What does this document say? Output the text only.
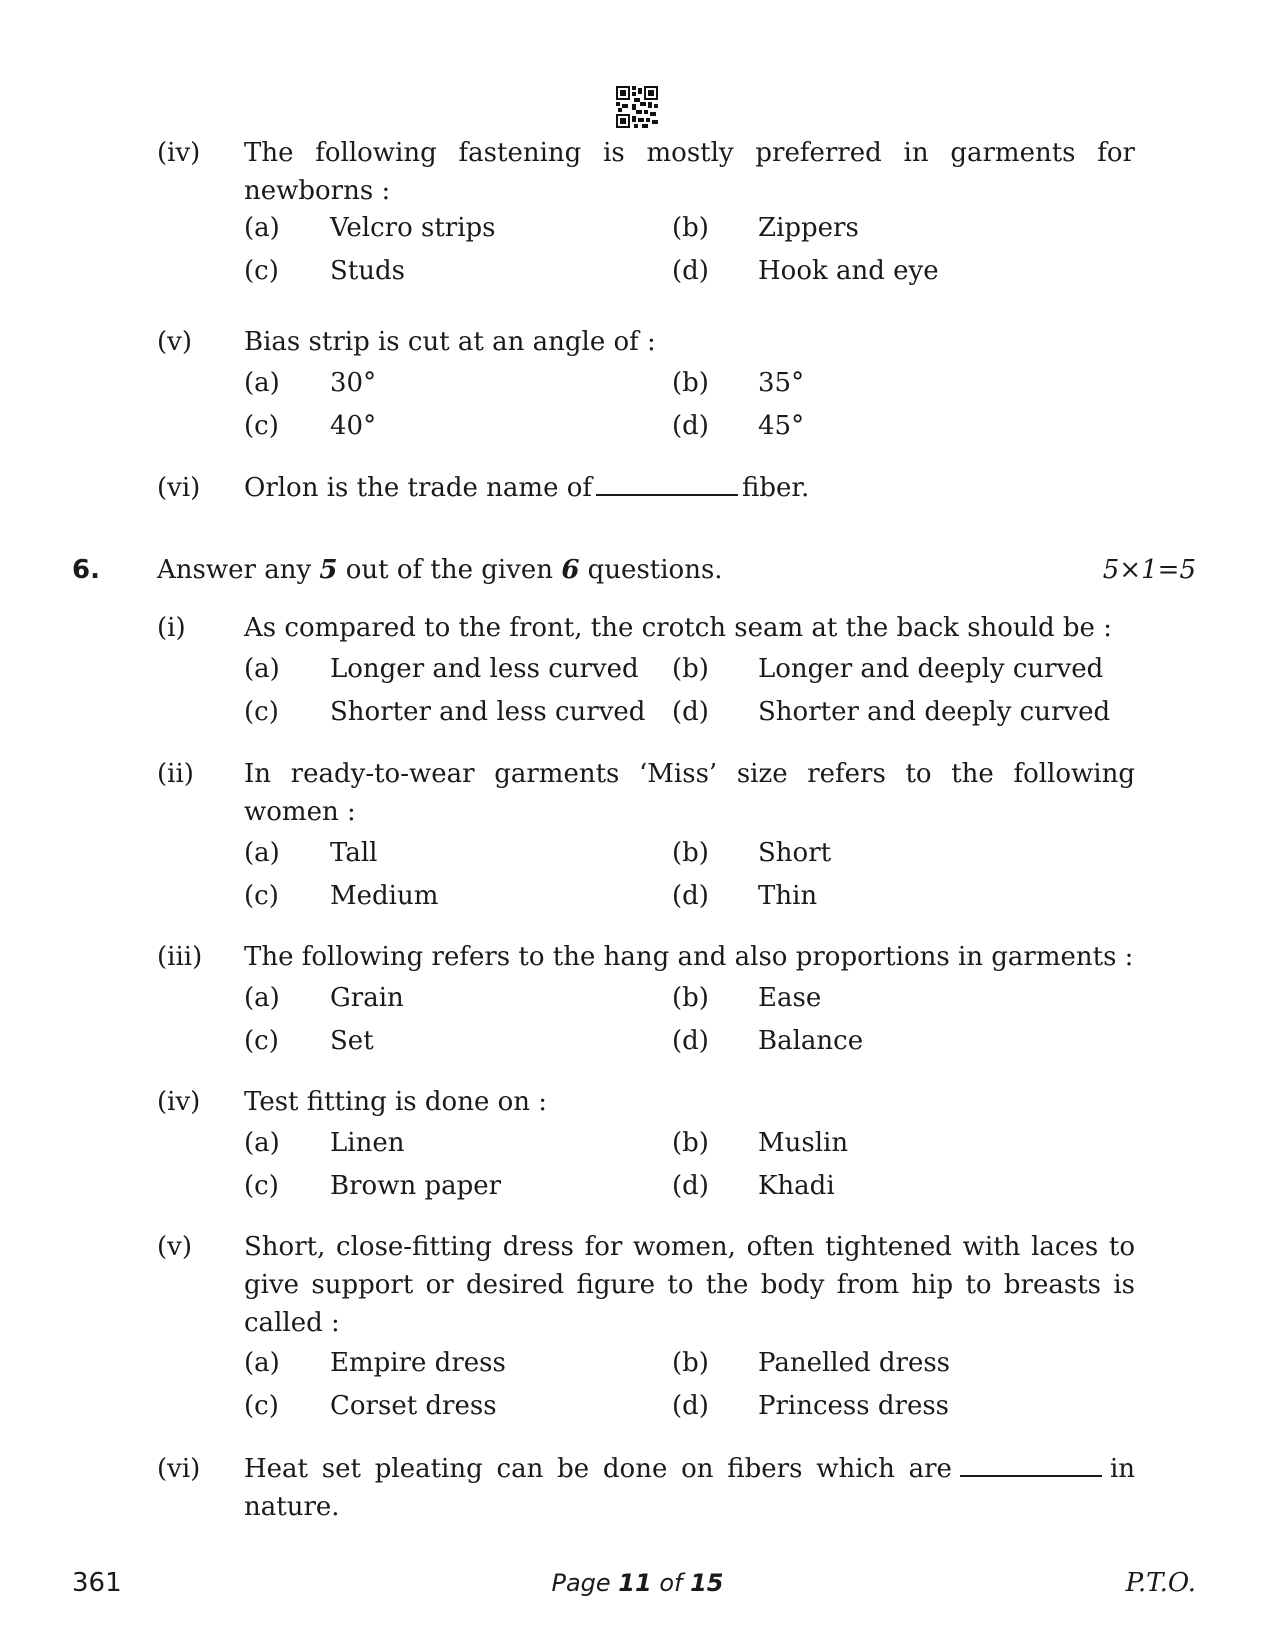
(iv) The following fastening is mostly preferred in garments for newborns :
(a) Velcro strips	(b) Zippers
(c) Studs	(d) Hook and eye
(v) Bias strip is cut at an angle of :
(a) 30°	(b) 35°
(c) 40°	(d) 45°
(vi) Orlon is the trade name of	fiber.
6. Answer any 5 out of the given 6 questions.	5×1=5
(i) As compared to the front, the crotch seam at the back should be :
(a) Longer and less curved (b) Longer and deeply curved
(c) Shorter and less curved (d) Shorter and deeply curved
(ii) In ready-to-wear garments ‘Miss’ size refers to the following women :
(a) Tall	(b) Short
(c) Medium	(d) Thin
(iii) The following refers to the hang and also proportions in garments :
(a) Grain	(b) Ease
(c) Set	(d) Balance
(iv) Test fitting is done on :
(a) Linen	(b) Muslin
(c) Brown paper	(d) Khadi
(v) Short, close-fitting dress for women, often tightened with laces to give support or desired figure to the body from hip to breasts is called :
(a) Empire dress	(b) Panelled dress
(c) Corset dress	(d) Princess dress
(vi) Heat set pleating can be done on fibers which are	in nature.
361	Page 11 of 15	P.T.O.
